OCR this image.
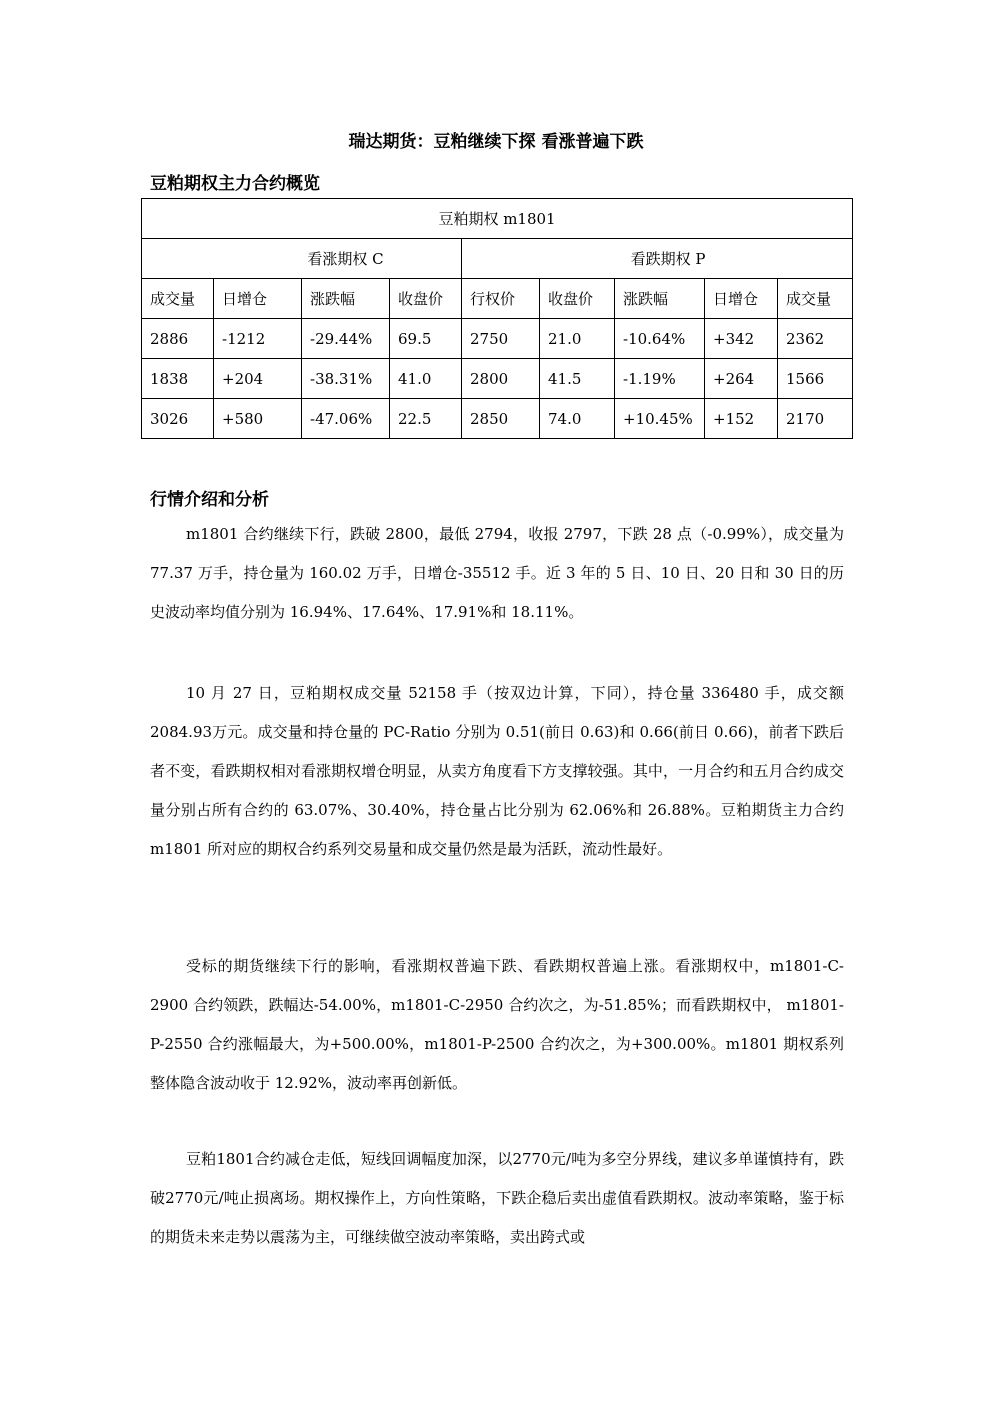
瑞达期货：豆粕继续下探 看涨普遍下跌
豆粕期权主力合约概览
豆粕期权 m1801								
看涨期权 C				看跌期权 P				
成交量	日增仓	涨跌幅	收盘价	行权价	收盘价	涨跌幅	日增仓	成交量
2886	-1212	-29.44%	69.5	2750	21.0	-10.64%	+342	2362
1838	+204	-38.31%	41.0	2800	41.5	-1.19%	+264	1566
3026	+580	-47.06%	22.5	2850	74.0	+10.45%	+152	2170
行情介绍和分析

m1801 合约继续下行，跌破 2800，最低 2794，收报 2797，下跌 28 点（-0.99%），成交量为 77.37 万手，持仓量为 160.02 万手，日增仓-35512 手。近 3 年的 5 日、10 日、20 日和 30 日的历史波动率均值分别为 16.94%、17.64%、17.91%和 18.11%。

10 月 27 日，豆粕期权成交量 52158 手（按双边计算，下同），持仓量 336480 手，成交额2084.93万元。成交量和持仓量的 PC-Ratio 分别为 0.51(前日 0.63)和 0.66(前日 0.66)，前者下跌后者不变，看跌期权相对看涨期权增仓明显，从卖方角度看下方支撑较强。其中，一月合约和五月合约成交量分别占所有合约的 63.07%、30.40%，持仓量占比分别为 62.06%和 26.88%。豆粕期货主力合约 m1801 所对应的期权合约系列交易量和成交量仍然是最为活跃，流动性最好。

受标的期货继续下行的影响，看涨期权普遍下跌、看跌期权普遍上涨。看涨期权中，m1801-C-2900 合约领跌，跌幅达-54.00%，m1801-C-2950 合约次之，为-51.85%；而看跌期权中， m1801-P-2550 合约涨幅最大，为+500.00%，m1801-P-2500 合约次之，为+300.00%。m1801 期权系列整体隐含波动收于 12.92%，波动率再创新低。

豆粕1801合约减仓走低，短线回调幅度加深，以2770元/吨为多空分界线，建议多单谨慎持有，跌破2770元/吨止损离场。期权操作上，方向性策略，下跌企稳后卖出虚值看跌期权。波动率策略，鉴于标的期货未来走势以震荡为主，可继续做空波动率策略，卖出跨式或
